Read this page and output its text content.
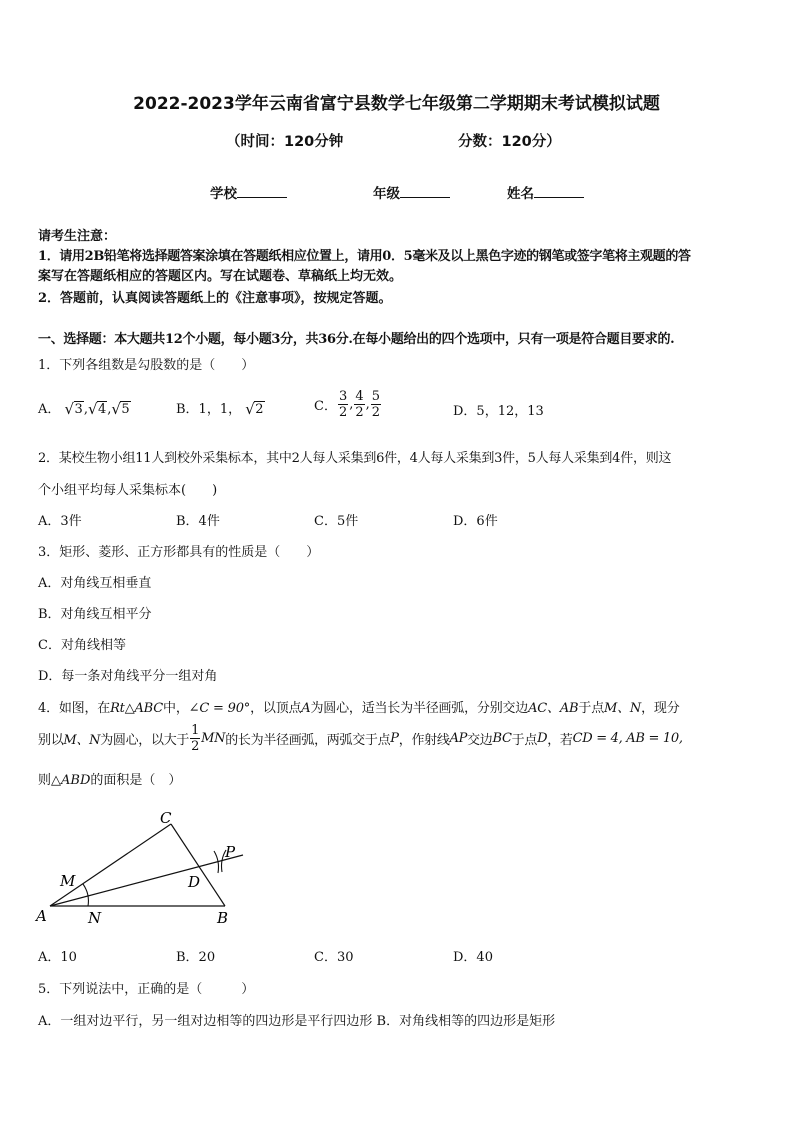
2022-2023学年云南省富宁县数学七年级第二学期期末考试模拟试题
（时间：120分钟	分数：120分）
学校	年级	姓名
请考生注意：
1．请用2B铅笔将选择题答案涂填在答题纸相应位置上，请用0．5毫米及以上黑色字迹的钢笔或签字笔将主观题的答
案写在答题纸相应的答题区内。写在试题卷、草稿纸上均无效。
2．答题前，认真阅读答题纸上的《注意事项》，按规定答题。
一、选择题：本大题共12个小题，每小题3分，共36分.在每小题给出的四个选项中，只有一项是符合题目要求的.
1．下列各组数是勾股数的是（　　）
A． √ 3, √ 4, √ 5	B．1，1， √ 2	C． $\frac{3}{2}$ , $\frac{4}{2}$ , $\frac{5}{2}$	D．5，12，13
2．某校生物小组11人到校外采集标本，其中2人每人采集到6件，4人每人采集到3件，5人每人采集到4件，则这
个小组平均每人采集标本(　　)
A．3件	B．4件	C．5件	D．6件
3．矩形、菱形、正方形都具有的性质是（　　）
A．对角线互相垂直
B．对角线互相平分
C．对角线相等
D．每一条对角线平分一组对角
4．如图，在Rt△ABC中，∠C = 90°，以顶点A为圆心，适当长为半径画弧，分别交边AC、AB于点M、N，现分
别以 M、N 为圆心，以大于 $\frac{1}{2}$ MN 的长为半径画弧，两弧交于点 P ，作射线 AP 交边 BC 于点 D ，若 CD = 4, AB = 10,
则△ABD的面积是（　）
C
P
M	D
A	N	B
A．10	B．20	C．30	D．40
5．下列说法中，正确的是（　　　）
A．一组对边平行，另一组对边相等的四边形是平行四边形 B．对角线相等的四边形是矩形
